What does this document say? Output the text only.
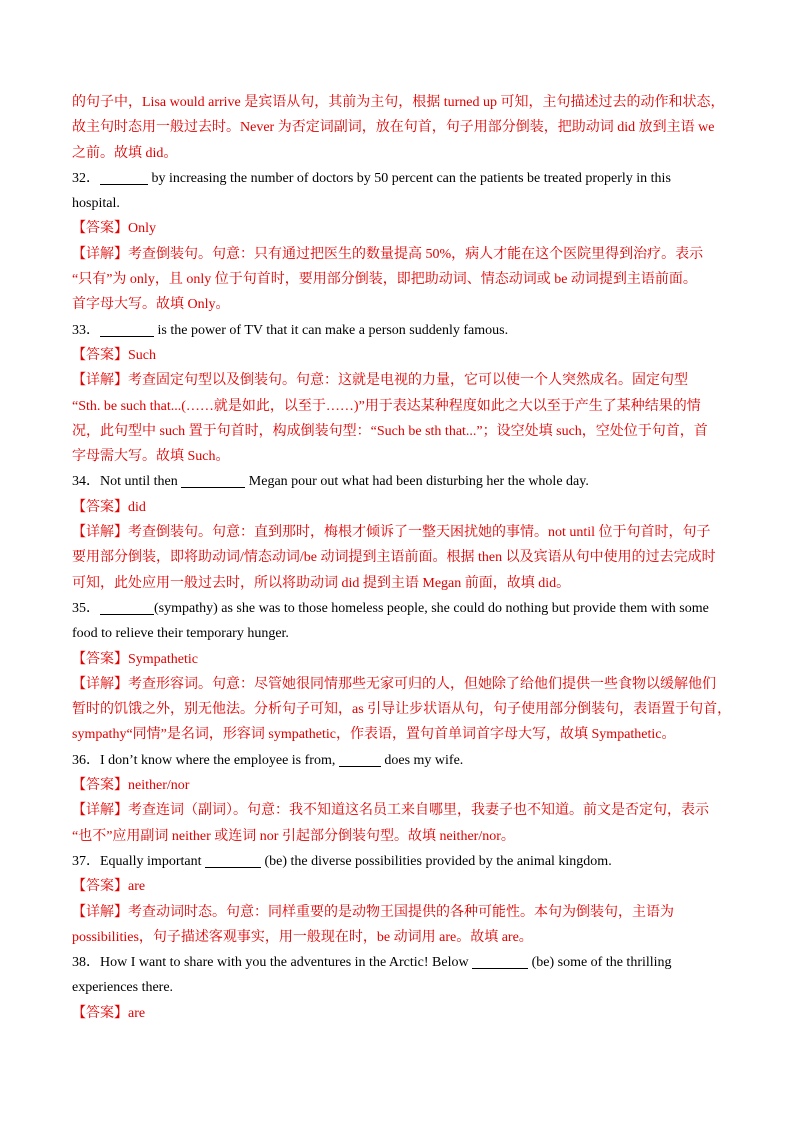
的句子中，Lisa would arrive 是宾语从句，其前为主句，根据 turned up 可知，主句描述过去的动作和状态，
故主句时态用一般过去时。Never 为否定词副词，放在句首，句子用部分倒装，把助动词 did 放到主语 we
之前。故填 did。
32．	by increasing the number of doctors by 50 percent can the patients be treated properly in this
hospital.
【答案】Only
【详解】考查倒装句。句意：只有通过把医生的数量提高 50%，病人才能在这个医院里得到治疗。表示
“只有”为 only，且 only 位于句首时，要用部分倒装，即把助动词、情态动词或 be 动词提到主语前面。
首字母大写。故填 Only。
33．	is the power of TV that it can make a person suddenly famous.
【答案】Such
【详解】考查固定句型以及倒装句。句意：这就是电视的力量，它可以使一个人突然成名。固定句型
“Sth. be such that...(……就是如此，以至于……)”用于表达某种程度如此之大以至于产生了某种结果的情
况，此句型中 such 置于句首时，构成倒装句型：“Such be sth that...”；设空处填 such，空处位于句首，首
字母需大写。故填 Such。
34．Not until then	Megan pour out what had been disturbing her the whole day.
【答案】did
【详解】考查倒装句。句意：直到那时，梅根才倾诉了一整天困扰她的事情。not until 位于句首时，句子
要用部分倒装，即将助动词/情态动词/be 动词提到主语前面。根据 then 以及宾语从句中使用的过去完成时
可知，此处应用一般过去时，所以将助动词 did 提到主语 Megan 前面，故填 did。
35．	(sympathy) as she was to those homeless people, she could do nothing but provide them with some
food to relieve their temporary hunger.
【答案】Sympathetic
【详解】考查形容词。句意：尽管她很同情那些无家可归的人，但她除了给他们提供一些食物以缓解他们
暂时的饥饿之外，别无他法。分析句子可知，as 引导让步状语从句，句子使用部分倒装句，表语置于句首，
sympathy“同情”是名词，形容词 sympathetic，作表语，置句首单词首字母大写，故填 Sympathetic。
36．I don’t know where the employee is from,	does my wife.
【答案】neither/nor
【详解】考查连词（副词）。句意：我不知道这名员工来自哪里，我妻子也不知道。前文是否定句，表示
“也不”应用副词 neither 或连词 nor 引起部分倒装句型。故填 neither/nor。
37．Equally important	(be) the diverse possibilities provided by the animal kingdom.
【答案】are
【详解】考查动词时态。句意：同样重要的是动物王国提供的各种可能性。本句为倒装句，主语为
possibilities，句子描述客观事实，用一般现在时，be 动词用 are。故填 are。
38．How I want to share with you the adventures in the Arctic! Below	(be) some of the thrilling
experiences there.
【答案】are
